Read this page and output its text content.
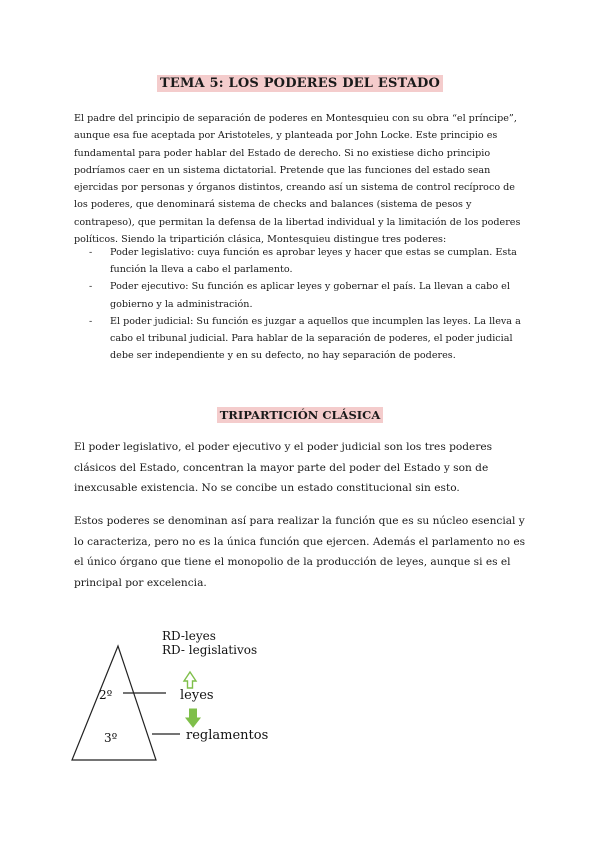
TEMA 5: LOS PODERES DEL ESTADO

El padre del principio de separación de poderes en Montesquieu con su obra “el príncipe”, aunque esa fue aceptada por Aristoteles, y planteada por John Locke. Este principio es fundamental para poder hablar del Estado de derecho. Si no existiese dicho principio podríamos caer en un sistema dictatorial. Pretende que las funciones del estado sean ejercidas por personas y órganos distintos, creando así un sistema de control recíproco de los poderes, que denominará sistema de checks and balances (sistema de pesos y contrapeso), que permitan la defensa de la libertad individual y la limitación de los poderes políticos. Siendo la tripartición clásica, Montesquieu distingue tres poderes:

- Poder legislativo: cuya función es aprobar leyes y hacer que estas se cumplan. Esta función la lleva a cabo el parlamento.
- Poder ejecutivo: Su función es aplicar leyes y gobernar el país. La llevan a cabo el gobierno y la administración.
- El poder judicial: Su función es juzgar a aquellos que incumplen las leyes. La lleva a cabo el tribunal judicial. Para hablar de la separación de poderes, el poder judicial debe ser independiente y en su defecto, no hay separación de poderes.
TRIPARTICIÓN CLÁSICA

El poder legislativo, el poder ejecutivo y el poder judicial son los tres poderes clásicos del Estado, concentran la mayor parte del poder del Estado y son de inexcusable existencia. No se concibe un estado constitucional sin esto.

Estos poderes se denominan así para realizar la función que es su núcleo esencial y lo caracteriza, pero no es la única función que ejercen. Además el parlamento no es el único órgano que tiene el monopolio de la producción de leyes, aunque si es el principal por excelencia.

RD-leyes
RD- legislativos
2º
3º
leyes
reglamentos
